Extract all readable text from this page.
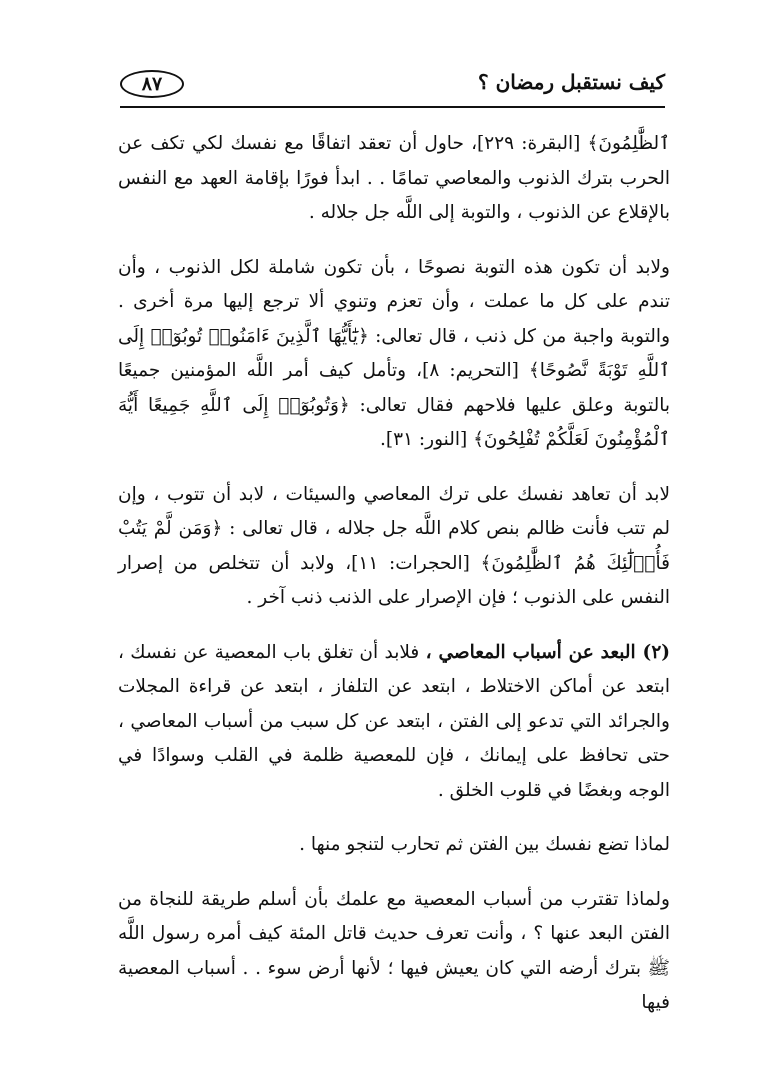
٨٧	كيف نستقبل رمضان ؟

ٱلظَّٰلِمُونَ﴾ [البقرة: ٢٢٩]، حاول أن تعقد اتفاقًا مع نفسك لكي تكف عن الحرب بترك الذنوب والمعاصي تمامًا . . ابدأ فورًا بإقامة العهد مع النفس بالإقلاع عن الذنوب ، والتوبة إلى اللَّه جل جلاله .

ولابد أن تكون هذه التوبة نصوحًا ، بأن تكون شاملة لكل الذنوب ، وأن تندم على كل ما عملت ، وأن تعزم وتنوي ألا ترجع إليها مرة أخرى . والتوبة واجبة من كل ذنب ، قال تعالى: ﴿يَٰٓأَيُّهَا ٱلَّذِينَ ءَامَنُوا۟ تُوبُوٓا۟ إِلَى ٱللَّهِ تَوْبَةً نَّصُوحًا﴾ [التحريم: ٨]، وتأمل كيف أمر اللَّه المؤمنين جميعًا بالتوبة وعلق عليها فلاحهم فقال تعالى: ﴿وَتُوبُوٓا۟ إِلَى ٱللَّهِ جَمِيعًا أَيُّهَ ٱلْمُؤْمِنُونَ لَعَلَّكُمْ تُفْلِحُونَ﴾ [النور: ٣١].

لابد أن تعاهد نفسك على ترك المعاصي والسيئات ، لابد أن تتوب ، وإن لم تتب فأنت ظالم بنص كلام اللَّه جل جلاله ، قال تعالى : ﴿وَمَن لَّمْ يَتُبْ فَأُو۟لَٰٓئِكَ هُمُ ٱلظَّٰلِمُونَ﴾ [الحجرات: ١١]، ولابد أن تتخلص من إصرار النفس على الذنوب ؛ فإن الإصرار على الذنب ذنب آخر .

(٢) البعد عن أسباب المعاصي ، فلابد أن تغلق باب المعصية عن نفسك ، ابتعد عن أماكن الاختلاط ، ابتعد عن التلفاز ، ابتعد عن قراءة المجلات والجرائد التي تدعو إلى الفتن ، ابتعد عن كل سبب من أسباب المعاصي ، حتى تحافظ على إيمانك ، فإن للمعصية ظلمة في القلب وسوادًا في الوجه وبغضًا في قلوب الخلق .

لماذا تضع نفسك بين الفتن ثم تحارب لتنجو منها .

ولماذا تقترب من أسباب المعصية مع علمك بأن أسلم طريقة للنجاة من الفتن البعد عنها ؟ ، وأنت تعرف حديث قاتل المئة كيف أمره رسول اللَّه ﷺ بترك أرضه التي كان يعيش فيها ؛ لأنها أرض سوء . . أسباب المعصية فيها
